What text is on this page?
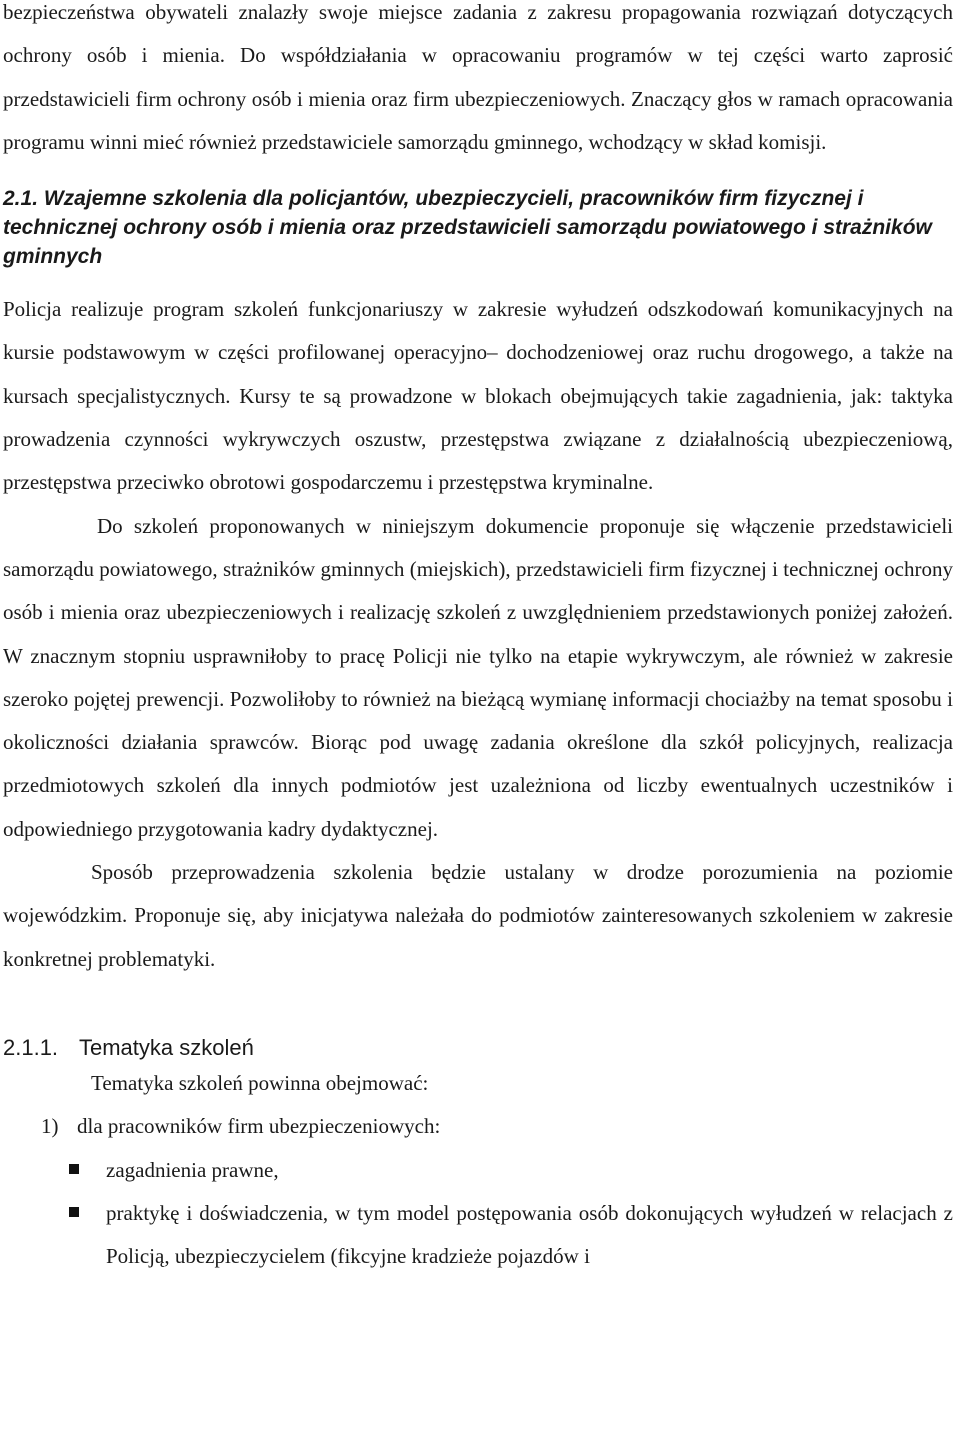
bezpieczeństwa obywateli znalazły swoje miejsce zadania z zakresu propagowania rozwiązań dotyczących ochrony osób i mienia. Do współdziałania w opracowaniu programów w tej części warto zaprosić przedstawicieli firm ochrony osób i mienia oraz firm ubezpieczeniowych. Znaczący głos w ramach opracowania programu winni mieć również przedstawiciele samorządu gminnego, wchodzący w skład komisji.

2.1. Wzajemne szkolenia dla policjantów, ubezpieczycieli, pracowników firm fizycznej i technicznej ochrony osób i mienia oraz przedstawicieli samorządu powiatowego i strażników gminnych

Policja realizuje program szkoleń funkcjonariuszy w zakresie wyłudzeń odszkodowań komunikacyjnych na kursie podstawowym w części profilowanej operacyjno– dochodzeniowej oraz ruchu drogowego, a także na kursach specjalistycznych. Kursy te są prowadzone w blokach obejmujących takie zagadnienia, jak: taktyka prowadzenia czynności wykrywczych oszustw, przestępstwa związane z działalnością ubezpieczeniową, przestępstwa przeciwko obrotowi gospodarczemu i przestępstwa kryminalne.

Do szkoleń proponowanych w niniejszym dokumencie proponuje się włączenie przedstawicieli samorządu powiatowego, strażników gminnych (miejskich), przedstawicieli firm fizycznej i technicznej ochrony osób i mienia oraz ubezpieczeniowych i realizację szkoleń z uwzględnieniem przedstawionych poniżej założeń. W znacznym stopniu usprawniłoby to pracę Policji nie tylko na etapie wykrywczym, ale również w zakresie szeroko pojętej prewencji. Pozwoliłoby to również na bieżącą wymianę informacji chociażby na temat sposobu i okoliczności działania sprawców. Biorąc pod uwagę zadania określone dla szkół policyjnych, realizacja przedmiotowych szkoleń dla innych podmiotów jest uzależniona od liczby ewentualnych uczestników i odpowiedniego przygotowania kadry dydaktycznej.

Sposób przeprowadzenia szkolenia będzie ustalany w drodze porozumienia na poziomie wojewódzkim. Proponuje się, aby inicjatywa należała do podmiotów zainteresowanych szkoleniem w zakresie konkretnej problematyki.

2.1.1. Tematyka szkoleń

Tematyka szkoleń powinna obejmować:

1) dla pracowników firm ubezpieczeniowych:

zagadnienia prawne,

praktykę i doświadczenia, w tym model postępowania osób dokonujących wyłudzeń w relacjach z Policją, ubezpieczycielem (fikcyjne kradzieże pojazdów i
